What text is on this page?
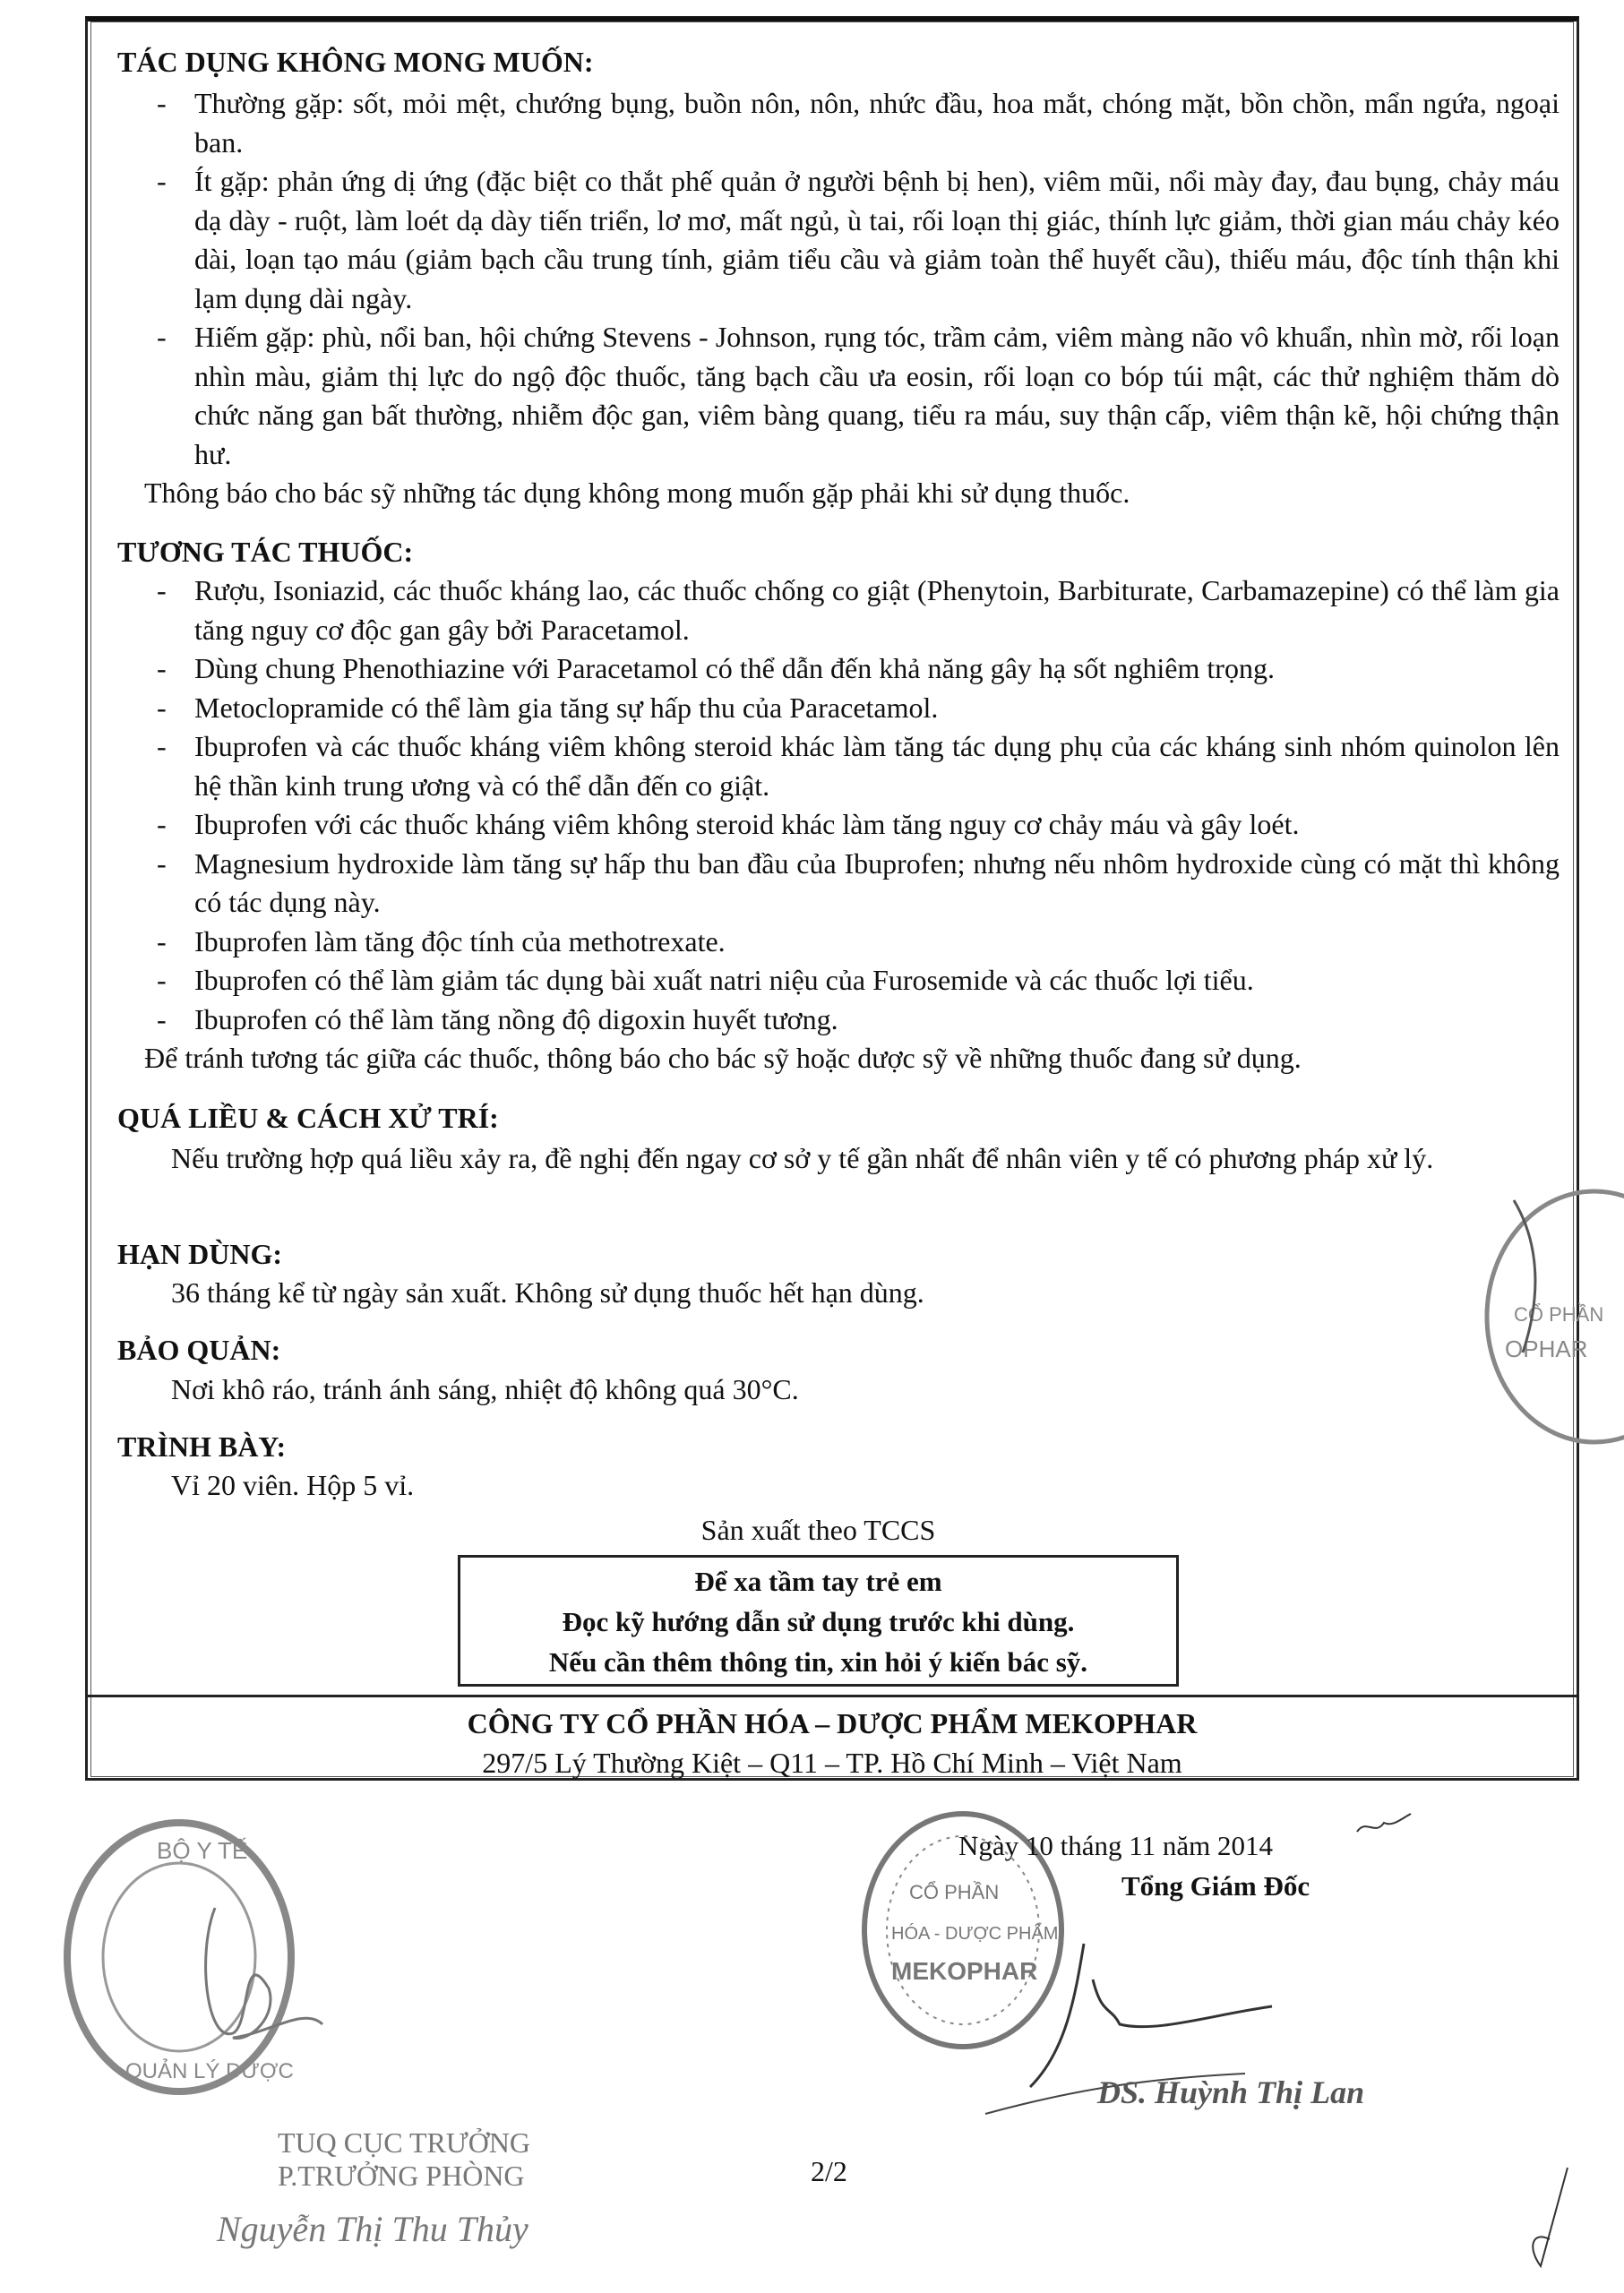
TÁC DỤNG KHÔNG MONG MUỐN:
- Thường gặp: sốt, mỏi mệt, chướng bụng, buồn nôn, nôn, nhức đầu, hoa mắt, chóng mặt, bồn chồn, mẩn ngứa, ngoại ban.
- Ít gặp: phản ứng dị ứng (đặc biệt co thắt phế quản ở người bệnh bị hen), viêm mũi, nổi mày đay, đau bụng, chảy máu dạ dày - ruột, làm loét dạ dày tiến triển, lơ mơ, mất ngủ, ù tai, rối loạn thị giác, thính lực giảm, thời gian máu chảy kéo dài, loạn tạo máu (giảm bạch cầu trung tính, giảm tiểu cầu và giảm toàn thể huyết cầu), thiếu máu, độc tính thận khi lạm dụng dài ngày.
- Hiếm gặp: phù, nổi ban, hội chứng Stevens - Johnson, rụng tóc, trầm cảm, viêm màng não vô khuẩn, nhìn mờ, rối loạn nhìn màu, giảm thị lực do ngộ độc thuốc, tăng bạch cầu ưa eosin, rối loạn co bóp túi mật, các thử nghiệm thăm dò chức năng gan bất thường, nhiễm độc gan, viêm bàng quang, tiểu ra máu, suy thận cấp, viêm thận kẽ, hội chứng thận hư.
Thông báo cho bác sỹ những tác dụng không mong muốn gặp phải khi sử dụng thuốc.
TƯƠNG TÁC THUỐC:
- Rượu, Isoniazid, các thuốc kháng lao, các thuốc chống co giật (Phenytoin, Barbiturate, Carbamazepine) có thể làm gia tăng nguy cơ độc gan gây bởi Paracetamol.
- Dùng chung Phenothiazine với Paracetamol có thể dẫn đến khả năng gây hạ sốt nghiêm trọng.
- Metoclopramide có thể làm gia tăng sự hấp thu của Paracetamol.
- Ibuprofen và các thuốc kháng viêm không steroid khác làm tăng tác dụng phụ của các kháng sinh nhóm quinolon lên hệ thần kinh trung ương và có thể dẫn đến co giật.
- Ibuprofen với các thuốc kháng viêm không steroid khác làm tăng nguy cơ chảy máu và gây loét.
- Magnesium hydroxide làm tăng sự hấp thu ban đầu của Ibuprofen; nhưng nếu nhôm hydroxide cùng có mặt thì không có tác dụng này.
- Ibuprofen làm tăng độc tính của methotrexate.
- Ibuprofen có thể làm giảm tác dụng bài xuất natri niệu của Furosemide và các thuốc lợi tiểu.
- Ibuprofen có thể làm tăng nồng độ digoxin huyết tương.
Để tránh tương tác giữa các thuốc, thông báo cho bác sỹ hoặc dược sỹ về những thuốc đang sử dụng.
QUÁ LIỀU & CÁCH XỬ TRÍ:
Nếu trường hợp quá liều xảy ra, đề nghị đến ngay cơ sở y tế gần nhất để nhân viên y tế có phương pháp xử lý.
HẠN DÙNG:
36 tháng kể từ ngày sản xuất. Không sử dụng thuốc hết hạn dùng.
BẢO QUẢN:
Nơi khô ráo, tránh ánh sáng, nhiệt độ không quá 30°C.
TRÌNH BÀY:
Vỉ 20 viên. Hộp 5 vỉ.
Sản xuất theo TCCS
Để xa tầm tay trẻ em
Đọc kỹ hướng dẫn sử dụng trước khi dùng.
Nếu cần thêm thông tin, xin hỏi ý kiến bác sỹ.
CÔNG TY CỔ PHẦN HÓA – DƯỢC PHẨM MEKOPHAR
297/5 Lý Thường Kiệt – Q11 – TP. Hồ Chí Minh – Việt Nam
BỘ Y TẾ
QUẢN LÝ DƯỢC
CỔ PHẦN
HÓA - DƯỢC PHẨM
MEKOPHAR
CỔ PHẦN
OPHAR
Ngày 10 tháng 11 năm 2014
Tổng Giám Đốc
DS. Huỳnh Thị Lan
TUQ CỤC TRƯỞNG
P.TRƯỞNG PHÒNG
Nguyễn Thị Thu Thủy
2/2
